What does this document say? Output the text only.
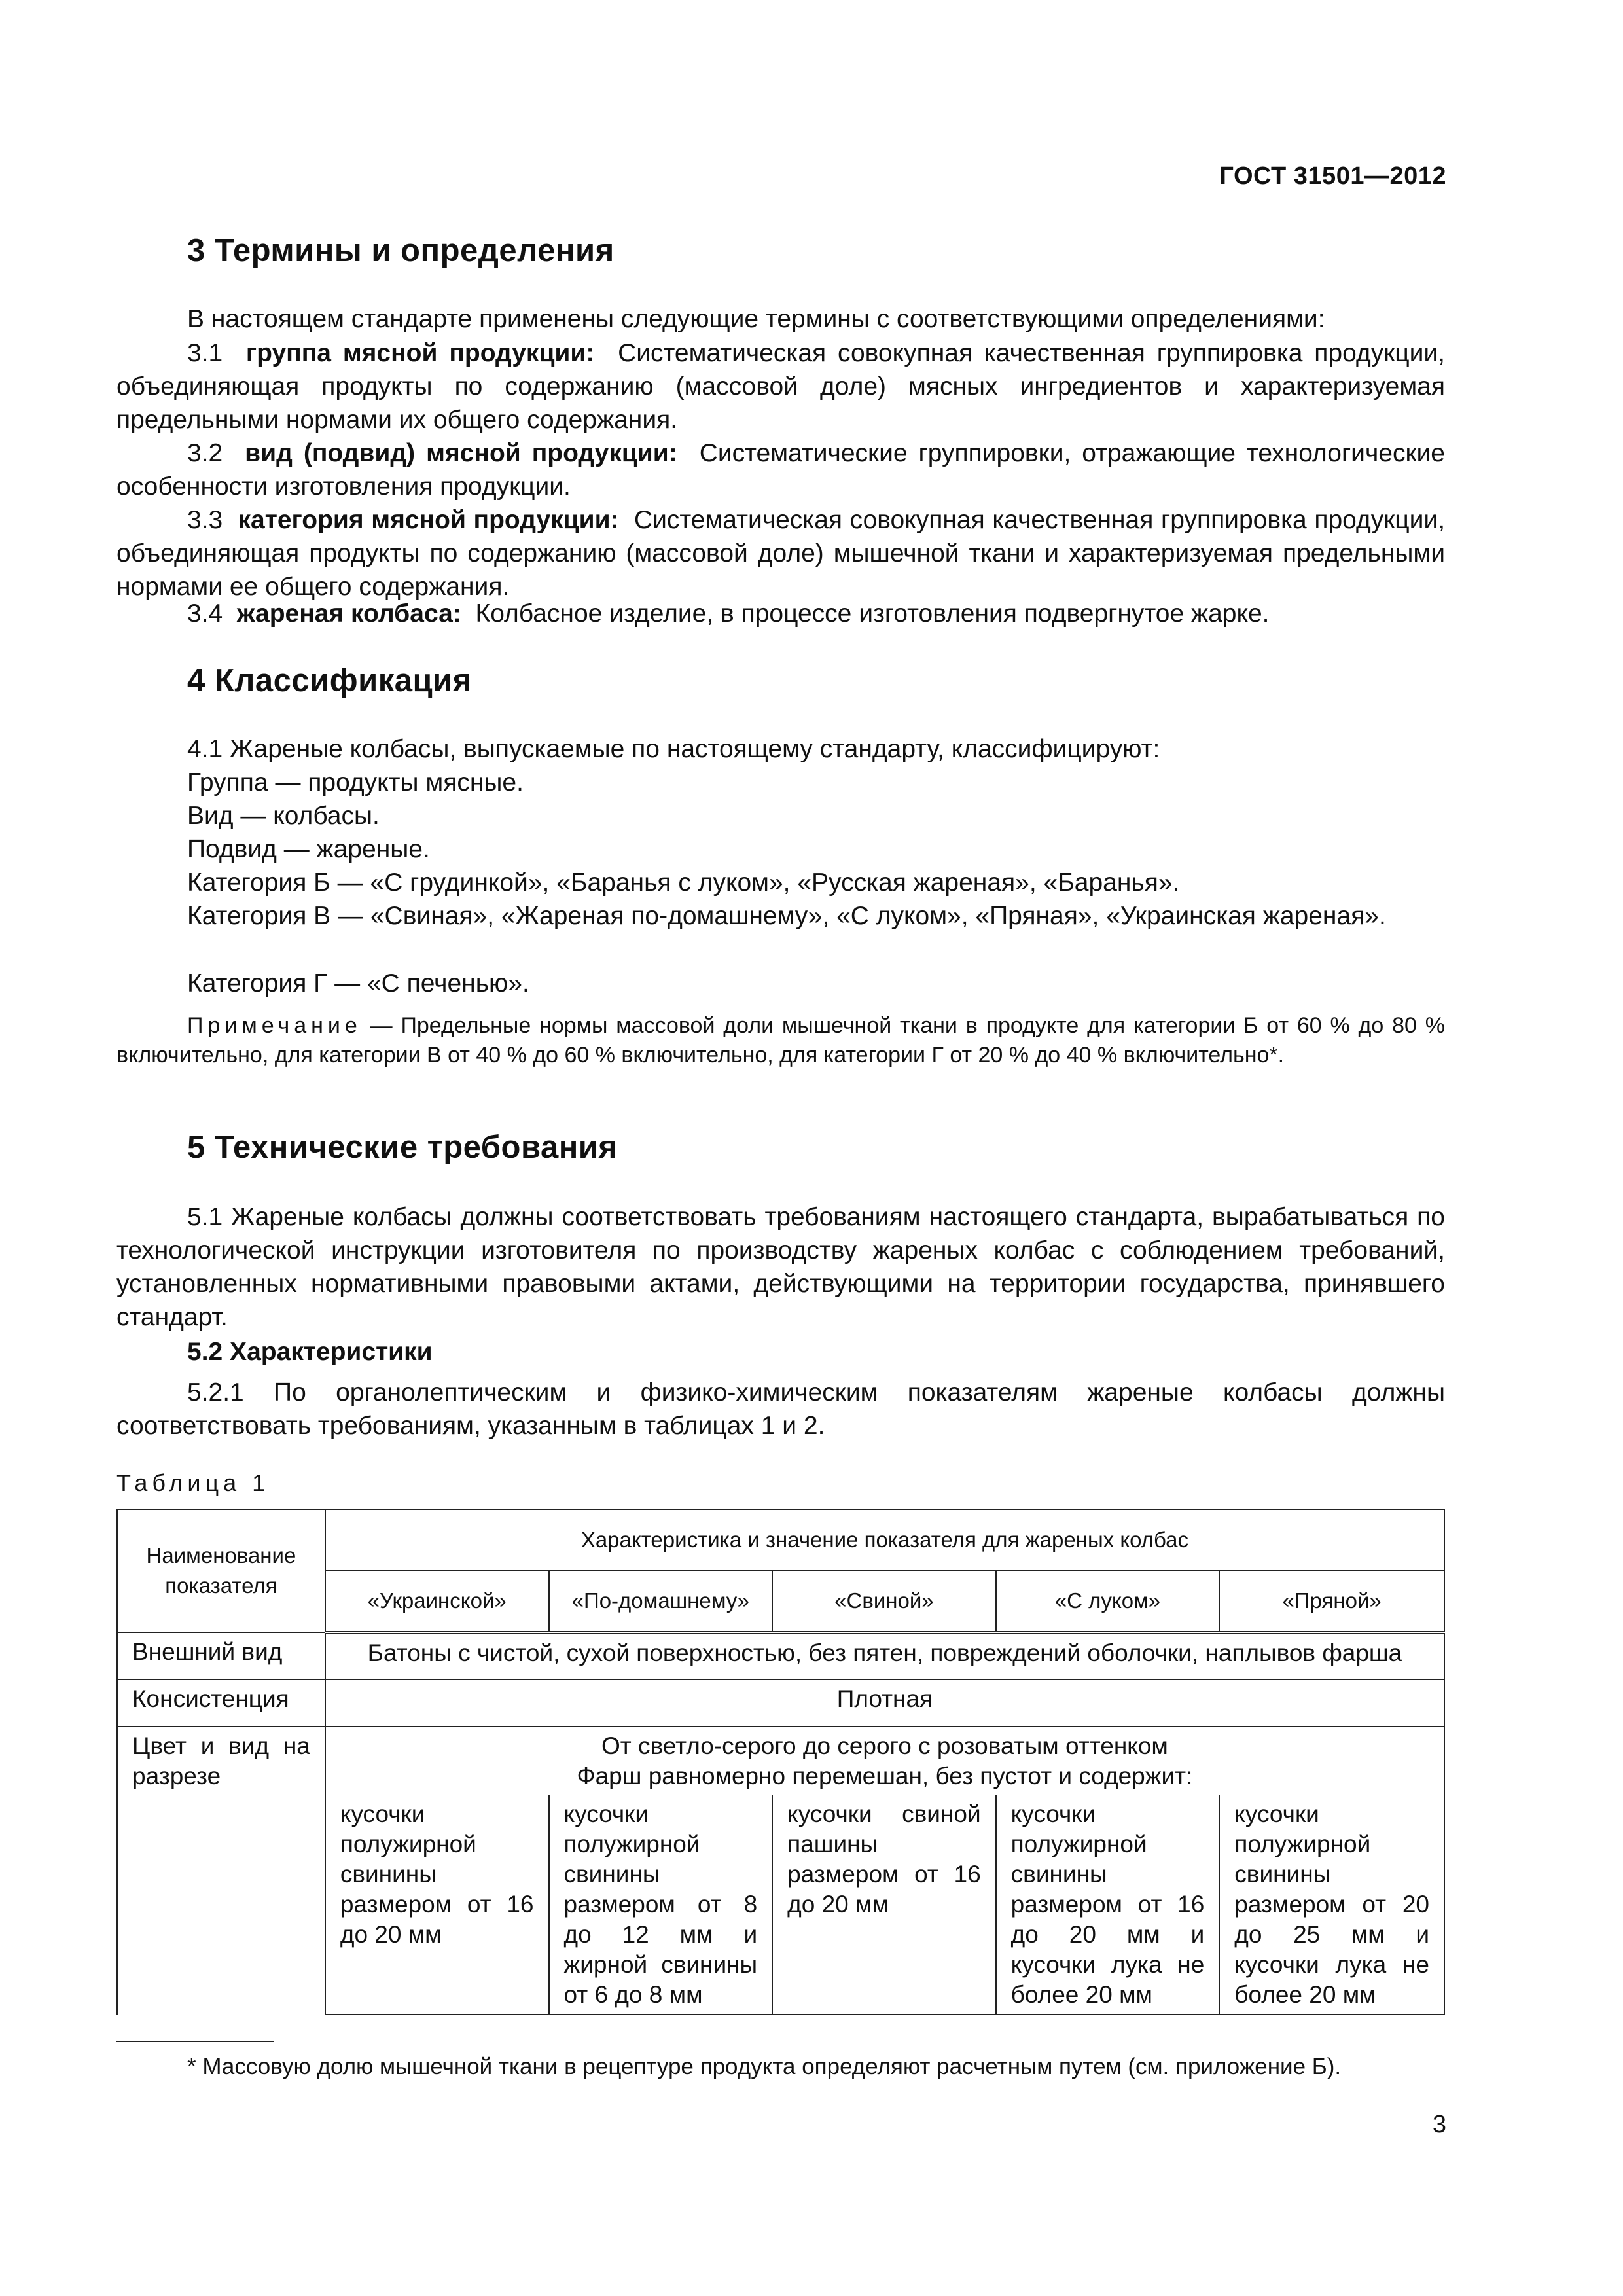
ГОСТ 31501—2012
3 Термины и определения

В настоящем стандарте применены следующие термины с соответствующими определениями:

3.1 группа мясной продукции: Систематическая совокупная качественная группировка продукции, объединяющая продукты по содержанию (массовой доле) мясных ингредиентов и характеризуемая предельными нормами их общего содержания.

3.2 вид (подвид) мясной продукции: Систематические группировки, отражающие технологические особенности изготовления продукции.

3.3 категория мясной продукции: Систематическая совокупная качественная группировка продукции, объединяющая продукты по содержанию (массовой доле) мышечной ткани и характеризуемая предельными нормами ее общего содержания.

3.4 жареная колбаса: Колбасное изделие, в процессе изготовления подвергнутое жарке.

4 Классификация

4.1 Жареные колбасы, выпускаемые по настоящему стандарту, классифицируют:

Группа — продукты мясные.

Вид — колбасы.

Подвид — жареные.

Категория Б — «С грудинкой», «Баранья с луком», «Русская жареная», «Баранья».

Категория В — «Свиная», «Жареная по-домашнему», «С луком», «Пряная», «Украинская жареная».

Категория Г — «С печенью».

Примечание — Предельные нормы массовой доли мышечной ткани в продукте для категории Б от 60 % до 80 % включительно, для категории В от 40 % до 60 % включительно, для категории Г от 20 % до 40 % включительно*.

5 Технические требования

5.1 Жареные колбасы должны соответствовать требованиям настоящего стандарта, вырабатываться по технологической инструкции изготовителя по производству жареных колбас с соблюдением требований, установленных нормативными правовыми актами, действующими на территории государства, принявшего стандарт.

5.2 Характеристики

5.2.1 По органолептическим и физико-химическим показателям жареные колбасы должны соответствовать требованиям, указанным в таблицах 1 и 2.

Таблица 1
Наименование показателя	Характеристика и значение показателя для жареных колбас				
	«Украинской»	«По-домашнему»	«Свиной»	«С луком»	«Пряной»
Внешний вид	Батоны с чистой, сухой поверхностью, без пятен, повреждений оболочки, наплывов фарша				
Консистенция	Плотная				
Цвет и вид на разрезе	От светло-серого до серого с розоватым оттенком
Фарш равномерно перемешан, без пустот и содержит:				

	кусочки полужирной свинины размером от 16 до 20 мм	кусочки полужирной свинины размером от 8 до 12 мм и жирной свинины от 6 до 8 мм	кусочки свиной пашины размером от 16 до 20 мм	кусочки полужирной свинины размером от 16 до 20 мм и кусочки лука не более 20 мм	кусочки полужирной свинины размером от 20 до 25 мм и кусочки лука не более 20 мм
* Массовую долю мышечной ткани в рецептуре продукта определяют расчетным путем (см. приложение Б).
3
